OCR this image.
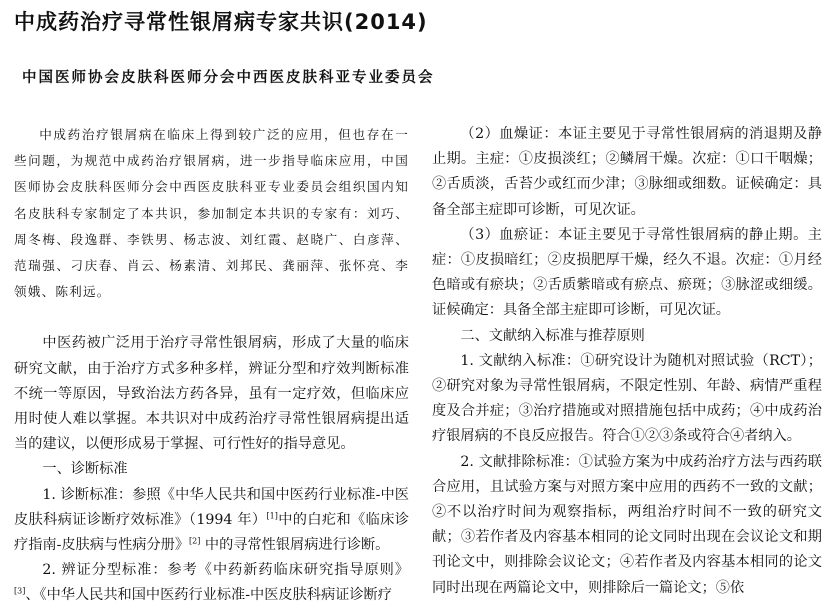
中成药治疗寻常性银屑病专家共识(2014)
中国医师协会皮肤科医师分会中西医皮肤科亚专业委员会

中成药治疗银屑病在临床上得到较广泛的应用，但也存在一些问题，为规范中成药治疗银屑病，进一步指导临床应用，中国医师协会皮肤科医师分会中西医皮肤科亚专业委员会组织国内知名皮肤科专家制定了本共识，参加制定本共识的专家有：刘巧、周冬梅、段逸群、李铁男、杨志波、刘红霞、赵晓广、白彦萍、范瑞强、刁庆春、肖云、杨素清、刘邦民、龚丽萍、张怀亮、李领娥、陈利远。

中医药被广泛用于治疗寻常性银屑病，形成了大量的临床研究文献，由于治疗方式多种多样，辨证分型和疗效判断标准不统一等原因，导致治法方药各异，虽有一定疗效，但临床应用时使人难以掌握。本共识对中成药治疗寻常性银屑病提出适当的建议，以便形成易于掌握、可行性好的指导意见。

一、诊断标准

1. 诊断标准：参照《中华人民共和国中医药行业标准-中医皮肤科病证诊断疗效标准》（1994 年）[1]中的白疕和《临床诊疗指南-皮肤病与性病分册》[2] 中的寻常性银屑病进行诊断。

2. 辨证分型标准：参考《中药新药临床研究指导原则》[3]、《中华人民共和国中医药行业标准-中医皮肤科病证诊断疗

（2）血燥证：本证主要见于寻常性银屑病的消退期及静止期。主症：①皮损淡红；②鳞屑干燥。次症：①口干咽燥；②舌质淡，舌苔少或红而少津；③脉细或细数。证候确定：具备全部主症即可诊断，可见次证。

（3）血瘀证：本证主要见于寻常性银屑病的静止期。主症：①皮损暗红；②皮损肥厚干燥，经久不退。次症：①月经色暗或有瘀块；②舌质紫暗或有瘀点、瘀斑；③脉涩或细缓。证候确定：具备全部主症即可诊断，可见次证。

二、文献纳入标准与推荐原则

1. 文献纳入标准：①研究设计为随机对照试验（RCT）；②研究对象为寻常性银屑病，不限定性别、年龄、病情严重程度及合并症；③治疗措施或对照措施包括中成药；④中成药治疗银屑病的不良反应报告。符合①②③条或符合④者纳入。

2. 文献排除标准：①试验方案为中成药治疗方法与西药联合应用，且试验方案与对照方案中应用的西药不一致的文献；②不以治疗时间为观察指标，两组治疗时间不一致的研究文献；③若作者及内容基本相同的论文同时出现在会议论文和期刊论文中，则排除会议论文；④若作者及内容基本相同的论文同时出现在两篇论文中，则排除后一篇论文；⑤依
